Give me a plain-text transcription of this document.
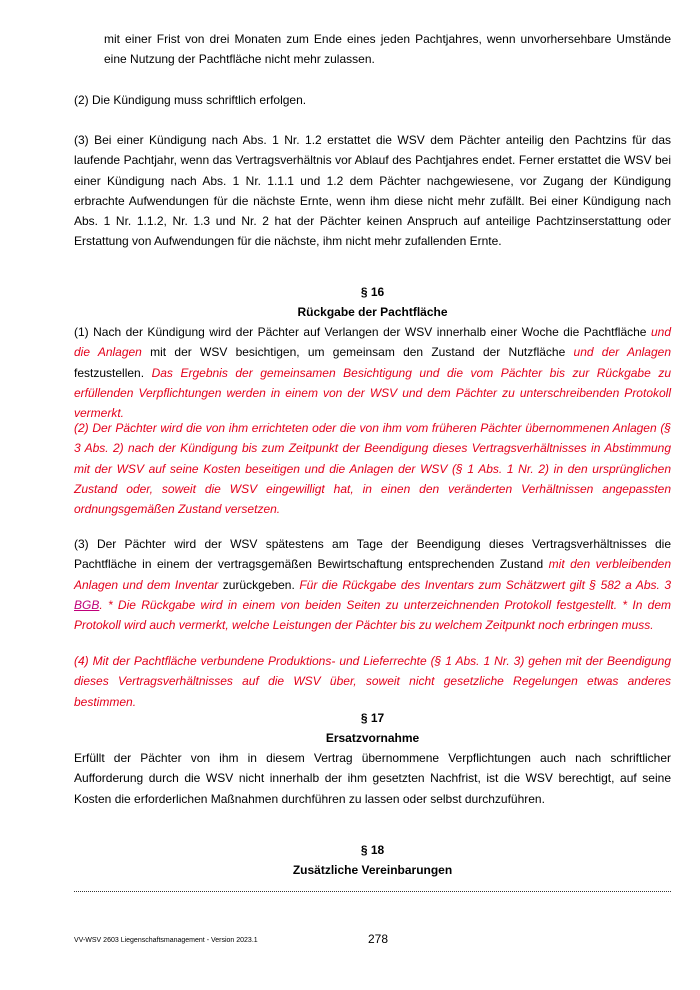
mit einer Frist von drei Monaten zum Ende eines jeden Pachtjahres, wenn unvorhersehbare Umstände eine Nutzung der Pachtfläche nicht mehr zulassen.

(2) Die Kündigung muss schriftlich erfolgen.

(3) Bei einer Kündigung nach Abs. 1 Nr. 1.2 erstattet die WSV dem Pächter anteilig den Pachtzins für das laufende Pachtjahr, wenn das Vertragsverhältnis vor Ablauf des Pachtjahres endet. Ferner erstattet die WSV bei einer Kündigung nach Abs. 1 Nr. 1.1.1 und 1.2 dem Pächter nachgewiesene, vor Zugang der Kündigung erbrachte Aufwendungen für die nächste Ernte, wenn ihm diese nicht mehr zufällt. Bei einer Kündigung nach Abs. 1 Nr. 1.1.2, Nr. 1.3 und Nr. 2 hat der Pächter keinen Anspruch auf anteilige Pachtzinserstattung oder Erstattung von Aufwendungen für die nächste, ihm nicht mehr zufallenden Ernte.

§ 16

Rückgabe der Pachtfläche

(1) Nach der Kündigung wird der Pächter auf Verlangen der WSV innerhalb einer Woche die Pachtfläche und die Anlagen mit der WSV besichtigen, um gemeinsam den Zustand der Nutzfläche und der Anlagen festzustellen. Das Ergebnis der gemeinsamen Besichtigung und die vom Pächter bis zur Rückgabe zu erfüllenden Verpflichtungen werden in einem von der WSV und dem Pächter zu unterschreibenden Protokoll vermerkt.

(2) Der Pächter wird die von ihm errichteten oder die von ihm vom früheren Pächter übernommenen Anlagen (§ 3 Abs. 2) nach der Kündigung bis zum Zeitpunkt der Beendigung dieses Vertragsverhältnisses in Abstimmung mit der WSV auf seine Kosten beseitigen und die Anlagen der WSV (§ 1 Abs. 1 Nr. 2) in den ursprünglichen Zustand oder, soweit die WSV eingewilligt hat, in einen den veränderten Verhältnissen angepassten ordnungsgemäßen Zustand versetzen.

(3) Der Pächter wird der WSV spätestens am Tage der Beendigung dieses Vertragsverhältnisses die Pachtfläche in einem der vertragsgemäßen Bewirtschaftung entsprechenden Zustand mit den verbleibenden Anlagen und dem Inventar zurückgeben. Für die Rückgabe des Inventars zum Schätzwert gilt § 582 a Abs. 3 BGB. * Die Rückgabe wird in einem von beiden Seiten zu unterzeichnenden Protokoll festgestellt. * In dem Protokoll wird auch vermerkt, welche Leistungen der Pächter bis zu welchem Zeitpunkt noch erbringen muss.

(4) Mit der Pachtfläche verbundene Produktions- und Lieferrechte (§ 1 Abs. 1 Nr. 3) gehen mit der Beendigung dieses Vertragsverhältnisses auf die WSV über, soweit nicht gesetzliche Regelungen etwas anderes bestimmen.

§ 17

Ersatzvornahme

Erfüllt der Pächter von ihm in diesem Vertrag übernommene Verpflichtungen auch nach schriftlicher Aufforderung durch die WSV nicht innerhalb der ihm gesetzten Nachfrist, ist die WSV berechtigt, auf seine Kosten die erforderlichen Maßnahmen durchführen zu lassen oder selbst durchzuführen.

§ 18

Zusätzliche Vereinbarungen

VV-WSV 2603 Liegenschaftsmanagement - Version 2023.1	278
